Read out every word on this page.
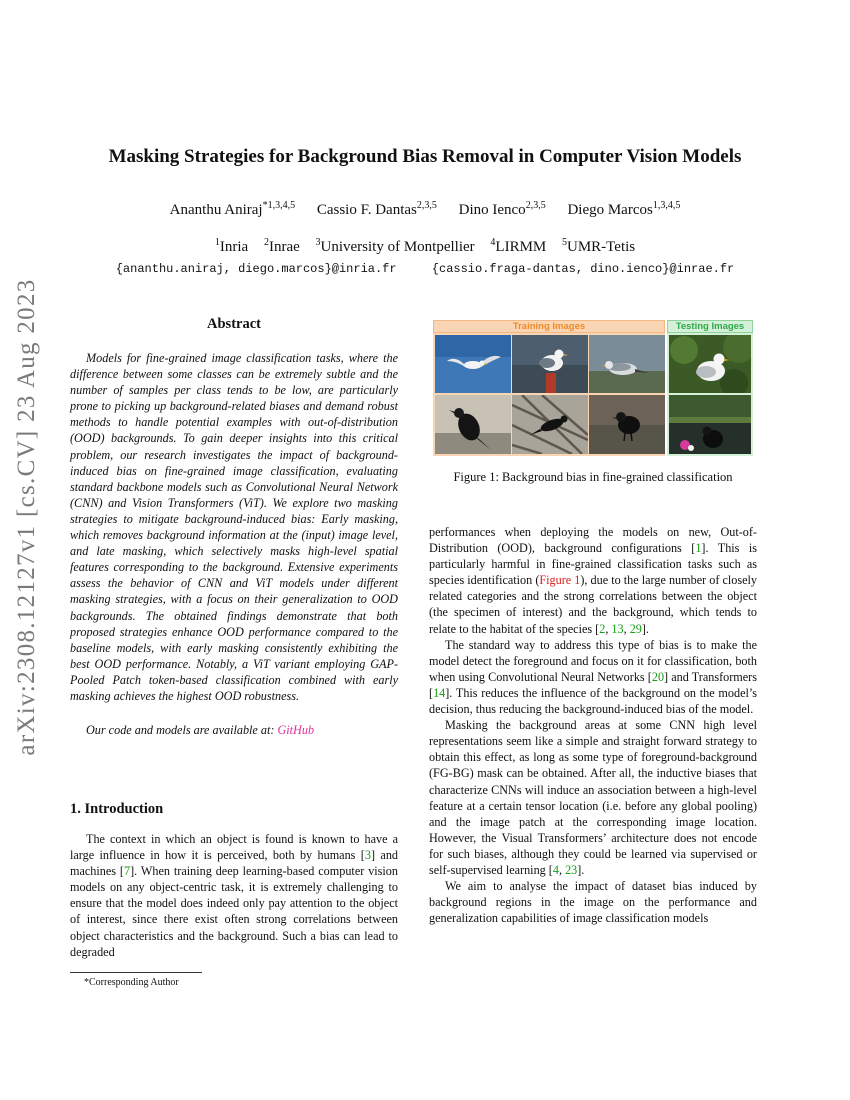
arXiv:2308.12127v1 [cs.CV] 23 Aug 2023
Masking Strategies for Background Bias Removal in Computer Vision Models
Ananthu Aniraj$^{*1,3,4,5}$ Cassio F. Dantas$^{2,3,5}$ Dino Ienco$^{2,3,5}$ Diego Marcos$^{1,3,4,5}$
$^1$Inria $^2$Inrae $^3$University of Montpellier $^4$LIRMM $^5$UMR-Tetis
{ananthu.aniraj, diego.marcos}@inria.fr	{cassio.fraga-dantas, dino.ienco}@inrae.fr
Abstract

Models for fine-grained image classification tasks, where the difference between some classes can be extremely subtle and the number of samples per class tends to be low, are particularly prone to picking up background-related biases and demand robust methods to handle potential examples with out-of-distribution (OOD) backgrounds. To gain deeper insights into this critical problem, our research investigates the impact of background-induced bias on fine-grained image classification, evaluating standard backbone models such as Convolutional Neural Network (CNN) and Vision Transformers (ViT). We explore two masking strategies to mitigate background-induced bias: Early masking, which removes background information at the (input) image level, and late masking, which selectively masks high-level spatial features corresponding to the background. Extensive experiments assess the behavior of CNN and ViT models under different masking strategies, with a focus on their generalization to OOD backgrounds. The obtained findings demonstrate that both proposed strategies enhance OOD performance compared to the baseline models, with early masking consistently exhibiting the best OOD performance. Notably, a ViT variant employing GAP-Pooled Patch token-based classification combined with early masking achieves the highest OOD robustness.

Our code and models are available at: GitHub

1. Introduction

The context in which an object is found is known to have a large influence in how it is perceived, both by humans [3] and machines [7]. When training deep learning-based computer vision models on any object-centric task, it is extremely challenging to ensure that the model does indeed only pay attention to the object of interest, since there exist often strong correlations between object characteristics and the background. Such a bias can lead to degraded

*Corresponding Author
Training Images	Testing Images

Figure 1: Background bias in fine-grained classification

performances when deploying the models on new, Out-of-Distribution (OOD), background configurations [1]. This is particularly harmful in fine-grained classification tasks such as species identification (Figure 1), due to the large number of closely related categories and the strong correlations between the object (the specimen of interest) and the background, which tends to relate to the habitat of the species [2, 13, 29].

The standard way to address this type of bias is to make the model detect the foreground and focus on it for classification, both when using Convolutional Neural Networks [20] and Transformers [14]. This reduces the influence of the background on the model’s decision, thus reducing the background-induced bias of the model.

Masking the background areas at some CNN high level representations seem like a simple and straight forward strategy to obtain this effect, as long as some type of foreground-background (FG-BG) mask can be obtained. After all, the inductive biases that characterize CNNs will induce an association between a high-level feature at a certain tensor location (i.e. before any global pooling) and the image patch at the corresponding image location. However, the Visual Transformers’ architecture does not encode for such biases, although they could be learned via supervised or self-supervised learning [4, 23].

We aim to analyse the impact of dataset bias induced by background regions in the image on the performance and generalization capabilities of image classification models
